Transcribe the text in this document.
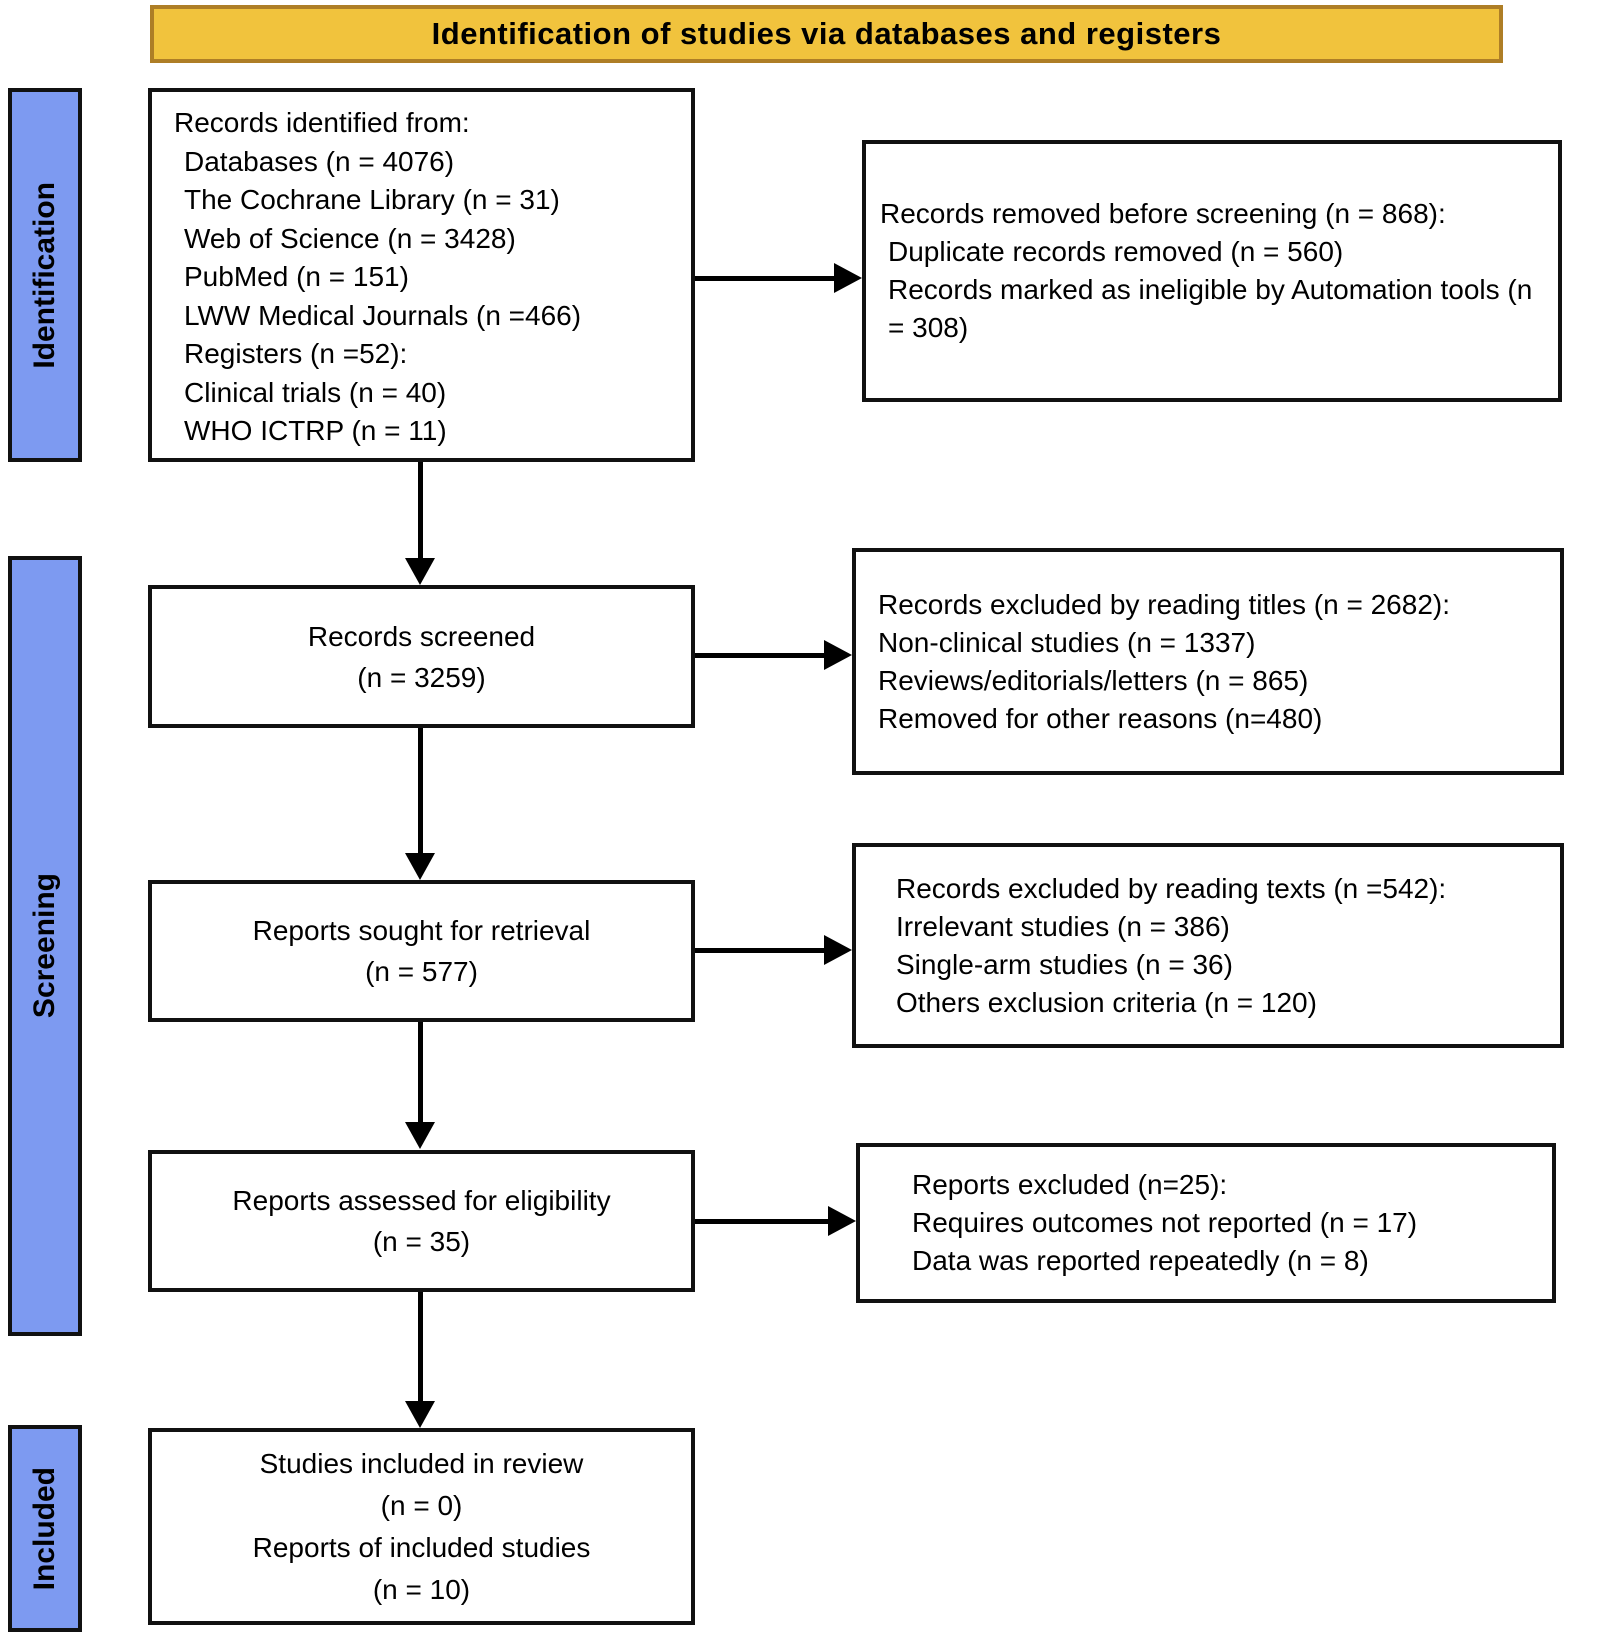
Identification of studies via databases and registers
Identification
Screening
Included
Records identified from:
Databases (n = 4076)
The Cochrane Library (n = 31)
Web of Science (n = 3428)
PubMed (n = 151)
LWW Medical Journals (n =466)
Registers (n =52):
Clinical trials (n = 40)
WHO ICTRP (n = 11)
Records screened
(n = 3259)
Reports sought for retrieval
(n = 577)
Reports assessed for eligibility
(n = 35)
Studies included in review
(n = 0)
Reports of included studies
(n = 10)
Records removed before screening (n = 868):
Duplicate records removed (n = 560)
Records marked as ineligible by Automation tools (n = 308)
Records excluded by reading titles (n = 2682):
Non-clinical studies (n = 1337)
Reviews/editorials/letters (n = 865)
Removed for other reasons (n=480)
Records excluded by reading texts (n =542):
Irrelevant studies (n = 386)
Single-arm studies (n = 36)
Others exclusion criteria (n = 120)
Reports excluded (n=25):
Requires outcomes not reported (n = 17)
Data was reported repeatedly (n = 8)
